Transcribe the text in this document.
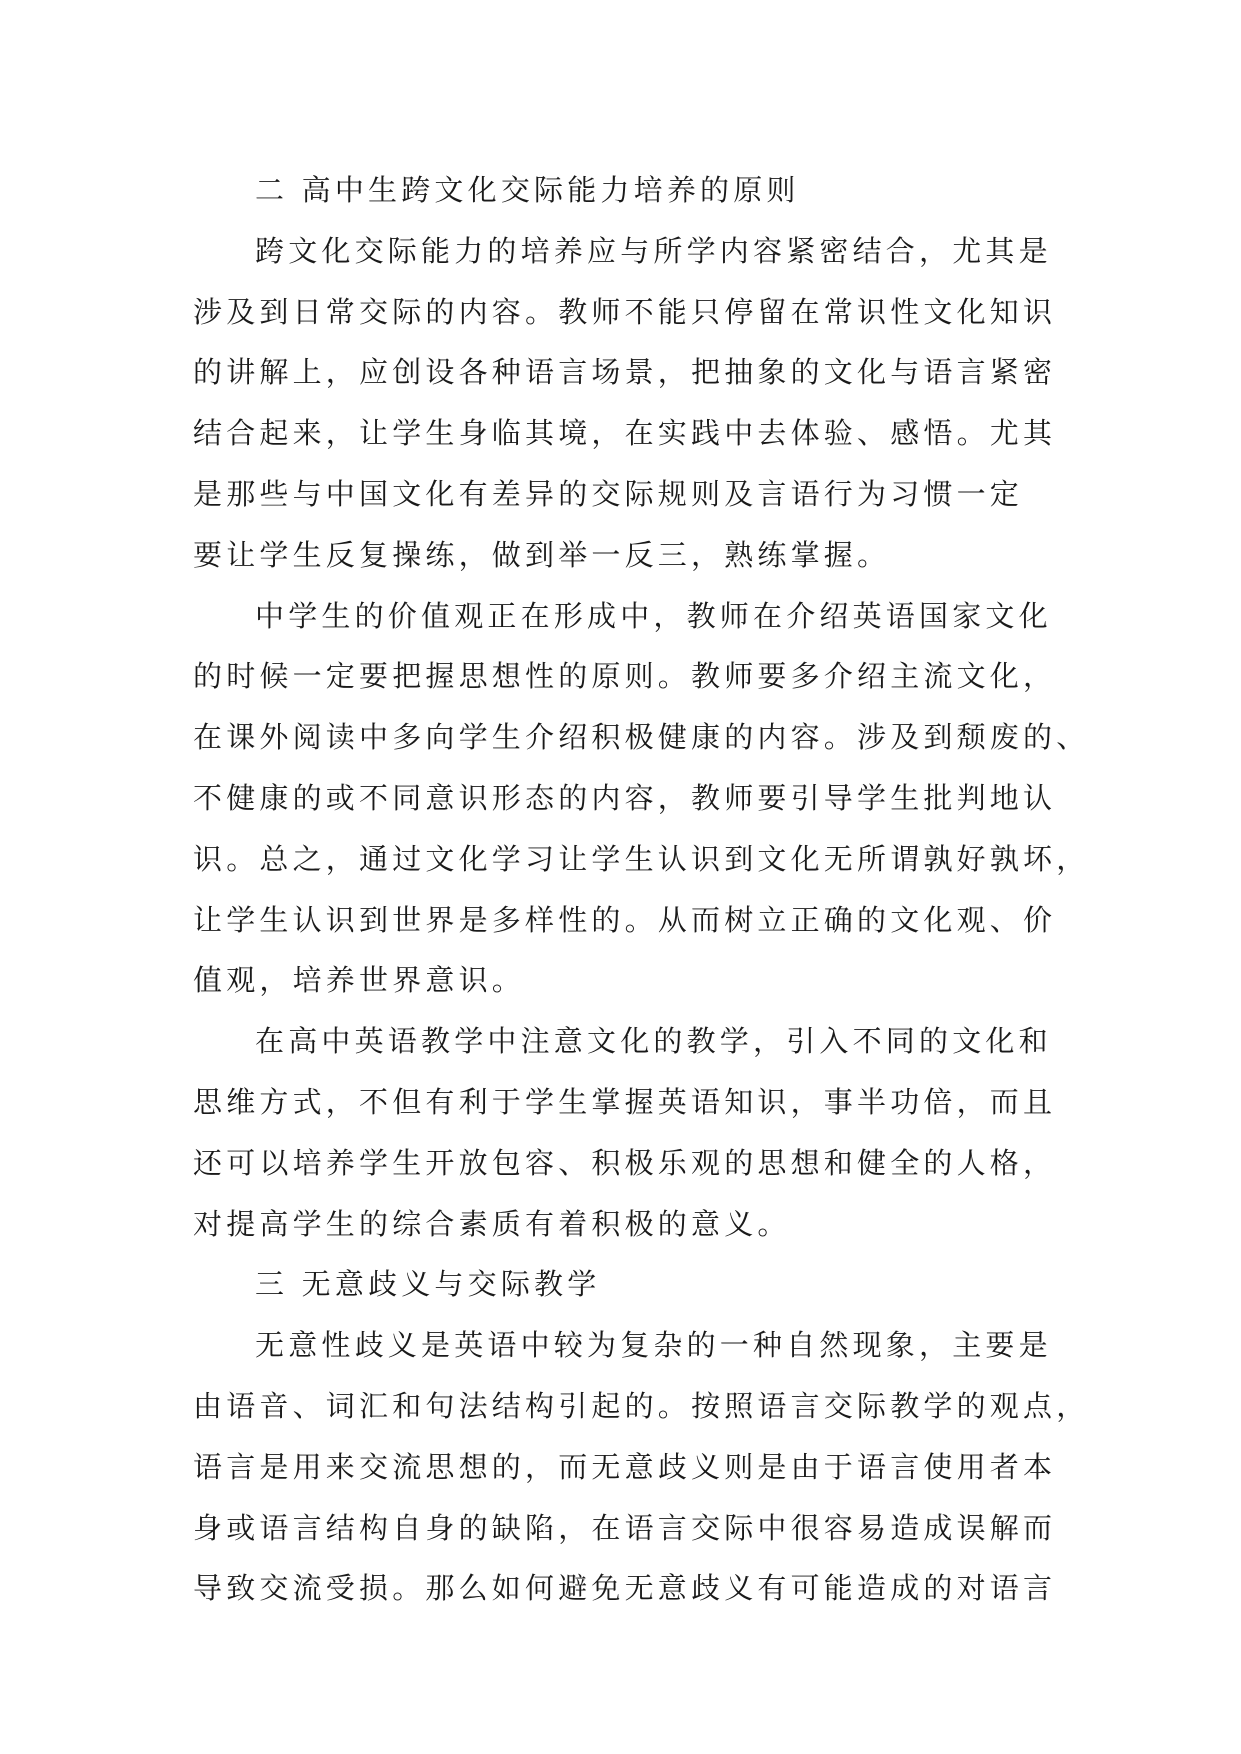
二 高中生跨文化交际能力培养的原则
跨文化交际能力的培养应与所学内容紧密结合，尤其是
涉及到日常交际的内容。教师不能只停留在常识性文化知识
的讲解上，应创设各种语言场景，把抽象的文化与语言紧密
结合起来，让学生身临其境，在实践中去体验、感悟。尤其
是那些与中国文化有差异的交际规则及言语行为习惯一定
要让学生反复操练，做到举一反三，熟练掌握。
中学生的价值观正在形成中，教师在介绍英语国家文化
的时候一定要把握思想性的原则。教师要多介绍主流文化，
在课外阅读中多向学生介绍积极健康的内容。涉及到颓废的、
不健康的或不同意识形态的内容，教师要引导学生批判地认
识。总之，通过文化学习让学生认识到文化无所谓孰好孰坏，
让学生认识到世界是多样性的。从而树立正确的文化观、价
值观，培养世界意识。
在高中英语教学中注意文化的教学，引入不同的文化和
思维方式，不但有利于学生掌握英语知识，事半功倍，而且
还可以培养学生开放包容、积极乐观的思想和健全的人格，
对提高学生的综合素质有着积极的意义。
三 无意歧义与交际教学
无意性歧义是英语中较为复杂的一种自然现象，主要是
由语音、词汇和句法结构引起的。按照语言交际教学的观点，
语言是用来交流思想的，而无意歧义则是由于语言使用者本
身或语言结构自身的缺陷，在语言交际中很容易造成误解而
导致交流受损。那么如何避免无意歧义有可能造成的对语言
